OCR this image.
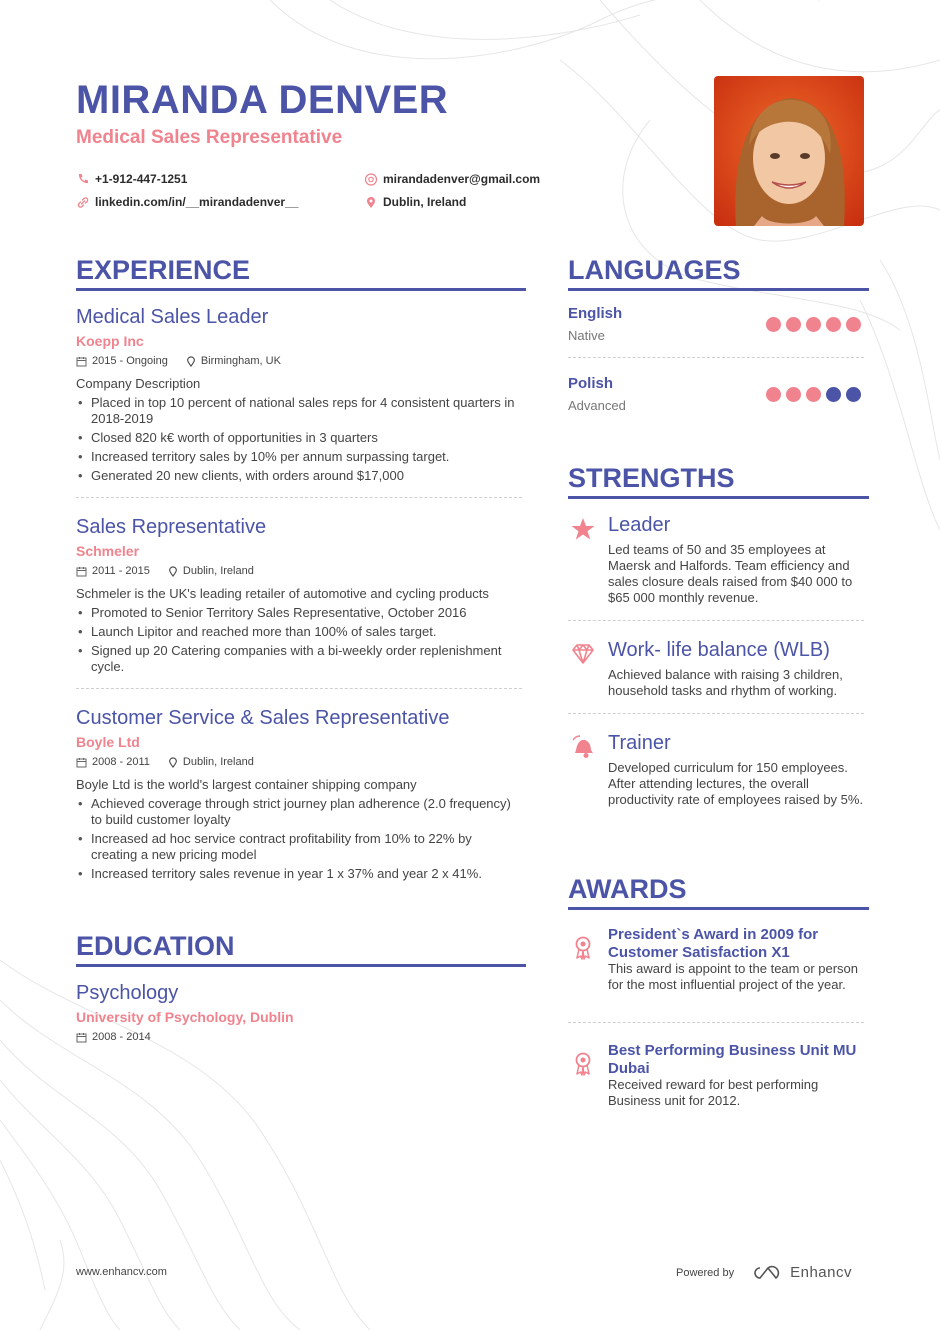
MIRANDA DENVER
Medical Sales Representative
+1-912-447-1251	mirandadenver@gmail.com
linkedin.com/in/__mirandadenver__	Dublin, Ireland
EXPERIENCE
Medical Sales Leader
Koepp Inc
2015 - Ongoing	Birmingham, UK
Company Description
• Placed in top 10 percent of national sales reps for 4 consistent quarters in 2018-2019
• Closed 820 k€ worth of opportunities in 3 quarters
• Increased territory sales by 10% per annum surpassing target.
• Generated 20 new clients, with orders around $17,000
Sales Representative
Schmeler
2011 - 2015	Dublin, Ireland
Schmeler is the UK's leading retailer of automotive and cycling products
• Promoted to Senior Territory Sales Representative, October 2016
• Launch Lipitor and reached more than 100% of sales target.
• Signed up 20 Catering companies with a bi-weekly order replenishment cycle.
Customer Service & Sales Representative
Boyle Ltd
2008 - 2011	Dublin, Ireland
Boyle Ltd is the world's largest container shipping company
• Achieved coverage through strict journey plan adherence (2.0 frequency) to build customer loyalty
• Increased ad hoc service contract profitability from 10% to 22% by creating a new pricing model
• Increased territory sales revenue in year 1 x 37% and year 2 x 41%.
EDUCATION
Psychology
University of Psychology, Dublin
2008 - 2014
LANGUAGES
English
Native
Polish
Advanced
STRENGTHS
Leader
Led teams of 50 and 35 employees at Maersk and Halfords. Team efficiency and sales closure deals raised from $40 000 to $65 000 monthly revenue.
Work- life balance (WLB)
Achieved balance with raising 3 children, household tasks and rhythm of working.
Trainer
Developed curriculum for 150 employees. After attending lectures, the overall productivity rate of employees raised by 5%.
AWARDS
President`s Award in 2009 for Customer Satisfaction X1
This award is appoint to the team or person for the most influential project of the year.
Best Performing Business Unit MU Dubai
Received reward for best performing Business unit for 2012.
www.enhancv.com	Powered by	Enhancv
